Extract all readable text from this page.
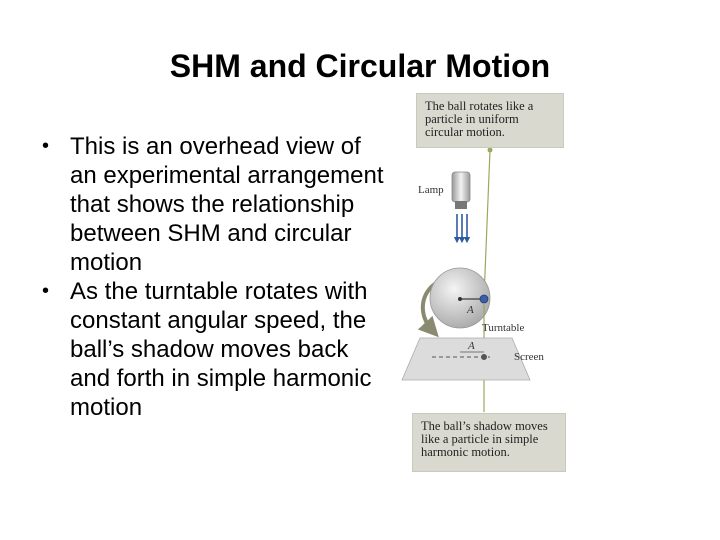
SHM and Circular Motion
• This is an overhead view of an experimental arrangement that shows the relationship between SHM and circular motion
• As the turntable rotates with constant angular speed, the ball’s shadow moves back and forth in simple harmonic motion
Lamp
A
Turntable
A
Screen
The ball rotates like a particle in uniform circular motion.
The ball’s shadow moves like a particle in simple harmonic motion.
